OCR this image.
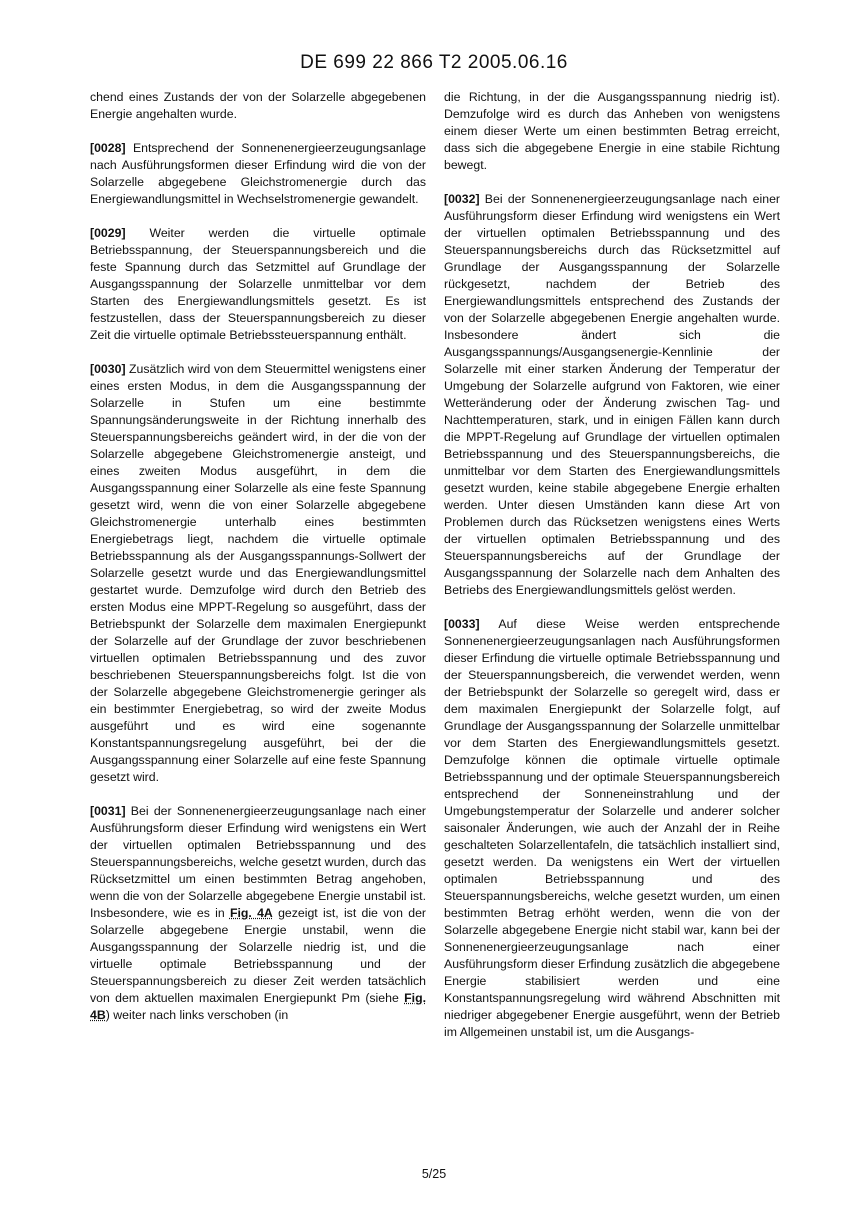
DE 699 22 866 T2 2005.06.16

chend eines Zustands der von der Solarzelle abgegebenen Energie angehalten wurde.

[0028] Entsprechend der Sonnenenergieerzeugungsanlage nach Ausführungsformen dieser Erfindung wird die von der Solarzelle abgegebene Gleichstromenergie durch das Energiewandlungsmittel in Wechselstromenergie gewandelt.

[0029] Weiter werden die virtuelle optimale Betriebsspannung, der Steuerspannungsbereich und die feste Spannung durch das Setzmittel auf Grundlage der Ausgangsspannung der Solarzelle unmittelbar vor dem Starten des Energiewandlungsmittels gesetzt. Es ist festzustellen, dass der Steuerspannungsbereich zu dieser Zeit die virtuelle optimale Betriebssteuerspannung enthält.

[0030] Zusätzlich wird von dem Steuermittel wenigstens einer eines ersten Modus, in dem die Ausgangsspannung der Solarzelle in Stufen um eine bestimmte Spannungsänderungsweite in der Richtung innerhalb des Steuerspannungsbereichs geändert wird, in der die von der Solarzelle abgegebene Gleichstromenergie ansteigt, und eines zweiten Modus ausgeführt, in dem die Ausgangsspannung einer Solarzelle als eine feste Spannung gesetzt wird, wenn die von einer Solarzelle abgegebene Gleichstromenergie unterhalb eines bestimmten Energiebetrags liegt, nachdem die virtuelle optimale Betriebsspannung als der Ausgangsspannungs-Sollwert der Solarzelle gesetzt wurde und das Energiewandlungsmittel gestartet wurde. Demzufolge wird durch den Betrieb des ersten Modus eine MPPT-Regelung so ausgeführt, dass der Betriebspunkt der Solarzelle dem maximalen Energiepunkt der Solarzelle auf der Grundlage der zuvor beschriebenen virtuellen optimalen Betriebsspannung und des zuvor beschriebenen Steuerspannungsbereichs folgt. Ist die von der Solarzelle abgegebene Gleichstromenergie geringer als ein bestimmter Energiebetrag, so wird der zweite Modus ausgeführt und es wird eine sogenannte Konstantspannungsregelung ausgeführt, bei der die Ausgangsspannung einer Solarzelle auf eine feste Spannung gesetzt wird.

[0031] Bei der Sonnenenergieerzeugungsanlage nach einer Ausführungsform dieser Erfindung wird wenigstens ein Wert der virtuellen optimalen Betriebsspannung und des Steuerspannungsbereichs, welche gesetzt wurden, durch das Rücksetzmittel um einen bestimmten Betrag angehoben, wenn die von der Solarzelle abgegebene Energie unstabil ist. Insbesondere, wie es in Fig. 4A gezeigt ist, ist die von der Solarzelle abgegebene Energie unstabil, wenn die Ausgangsspannung der Solarzelle niedrig ist, und die virtuelle optimale Betriebsspannung und der Steuerspannungsbereich zu dieser Zeit werden tatsächlich von dem aktuellen maximalen Energiepunkt Pm (siehe Fig. 4B) weiter nach links verschoben (in

die Richtung, in der die Ausgangsspannung niedrig ist). Demzufolge wird es durch das Anheben von wenigstens einem dieser Werte um einen bestimmten Betrag erreicht, dass sich die abgegebene Energie in eine stabile Richtung bewegt.

[0032] Bei der Sonnenenergieerzeugungsanlage nach einer Ausführungsform dieser Erfindung wird wenigstens ein Wert der virtuellen optimalen Betriebsspannung und des Steuerspannungsbereichs durch das Rücksetzmittel auf Grundlage der Ausgangsspannung der Solarzelle rückgesetzt, nachdem der Betrieb des Energiewandlungsmittels entsprechend des Zustands der von der Solarzelle abgegebenen Energie angehalten wurde. Insbesondere ändert sich die Ausgangsspannungs/Ausgangsenergie-Kennlinie der Solarzelle mit einer starken Änderung der Temperatur der Umgebung der Solarzelle aufgrund von Faktoren, wie einer Wetteränderung oder der Änderung zwischen Tag- und Nachttemperaturen, stark, und in einigen Fällen kann durch die MPPT-Regelung auf Grundlage der virtuellen optimalen Betriebsspannung und des Steuerspannungsbereichs, die unmittelbar vor dem Starten des Energiewandlungsmittels gesetzt wurden, keine stabile abgegebene Energie erhalten werden. Unter diesen Umständen kann diese Art von Problemen durch das Rücksetzen wenigstens eines Werts der virtuellen optimalen Betriebsspannung und des Steuerspannungsbereichs auf der Grundlage der Ausgangsspannung der Solarzelle nach dem Anhalten des Betriebs des Energiewandlungsmittels gelöst werden.

[0033] Auf diese Weise werden entsprechende Sonnenenergieerzeugungsanlagen nach Ausführungsformen dieser Erfindung die virtuelle optimale Betriebsspannung und der Steuerspannungsbereich, die verwendet werden, wenn der Betriebspunkt der Solarzelle so geregelt wird, dass er dem maximalen Energiepunkt der Solarzelle folgt, auf Grundlage der Ausgangsspannung der Solarzelle unmittelbar vor dem Starten des Energiewandlungsmittels gesetzt. Demzufolge können die optimale virtuelle optimale Betriebsspannung und der optimale Steuerspannungsbereich entsprechend der Sonneneinstrahlung und der Umgebungstemperatur der Solarzelle und anderer solcher saisonaler Änderungen, wie auch der Anzahl der in Reihe geschalteten Solarzellentafeln, die tatsächlich installiert sind, gesetzt werden. Da wenigstens ein Wert der virtuellen optimalen Betriebsspannung und des Steuerspannungsbereichs, welche gesetzt wurden, um einen bestimmten Betrag erhöht werden, wenn die von der Solarzelle abgegebene Energie nicht stabil war, kann bei der Sonnenenergieerzeugungsanlage nach einer Ausführungsform dieser Erfindung zusätzlich die abgegebene Energie stabilisiert werden und eine Konstantspannungsregelung wird während Abschnitten mit niedriger abgegebener Energie ausgeführt, wenn der Betrieb im Allgemeinen unstabil ist, um die Ausgangs-

5/25
